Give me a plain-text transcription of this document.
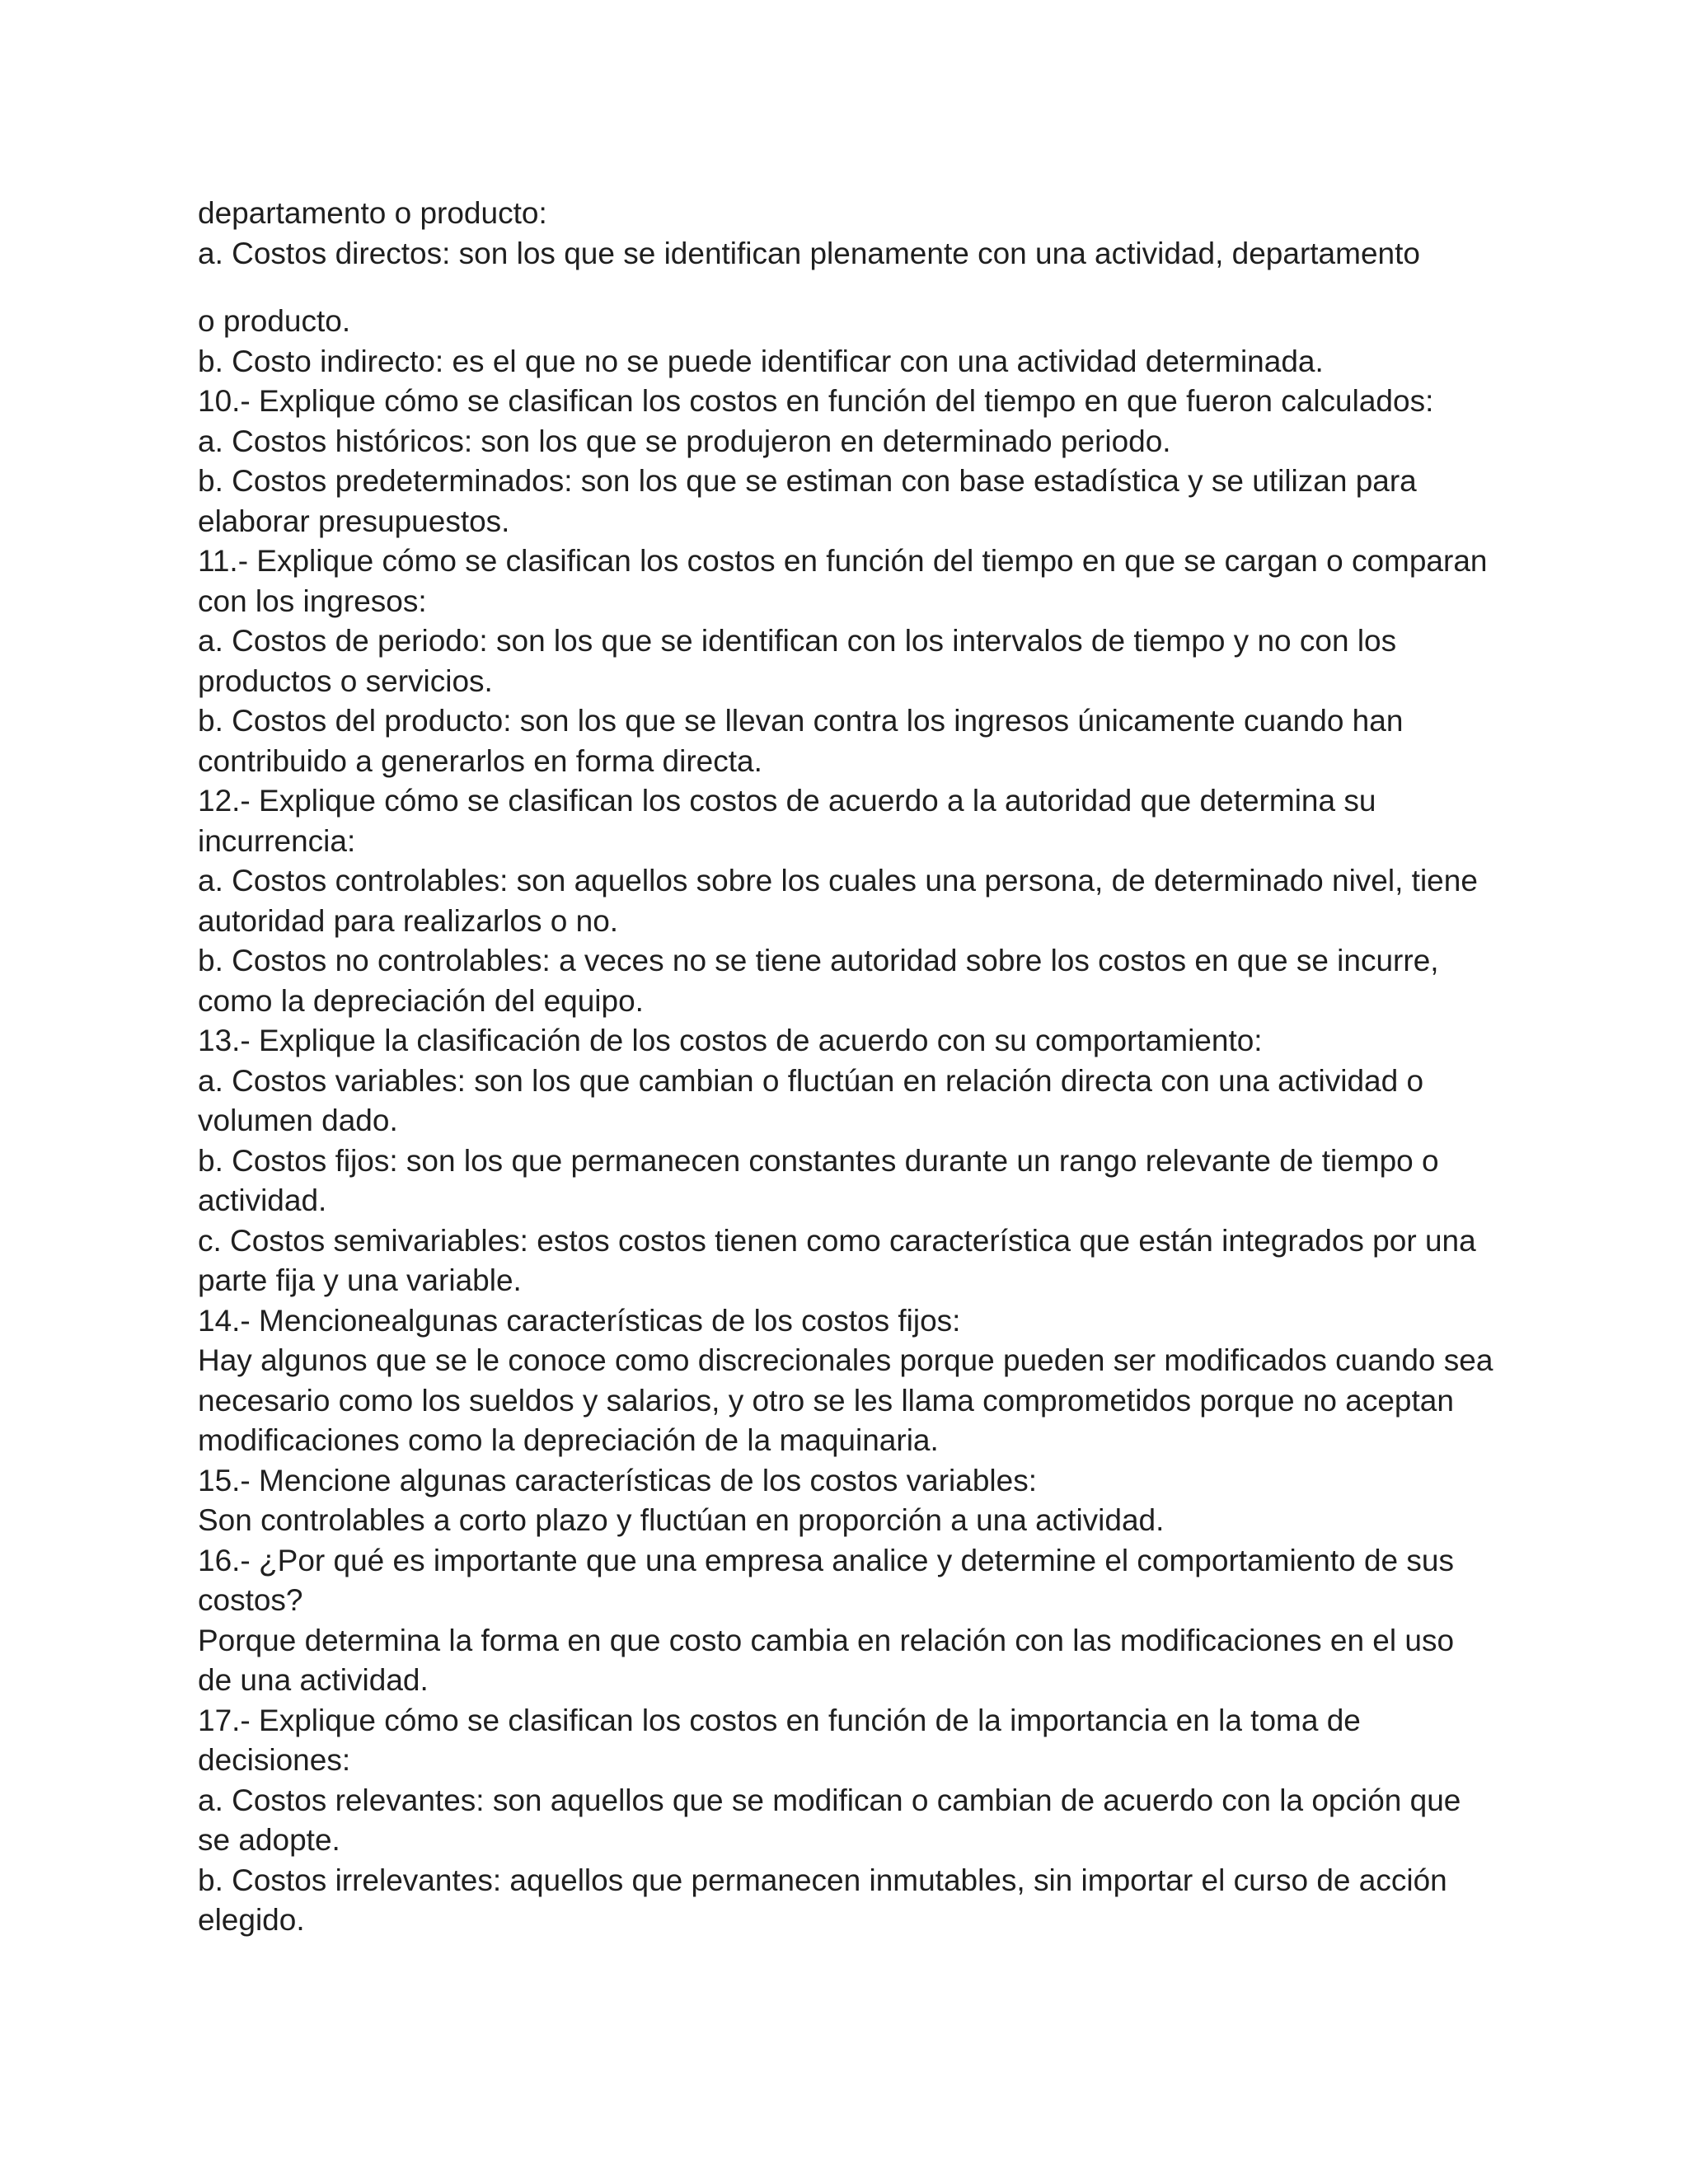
departamento o producto:
a. Costos directos: son los que se identifican plenamente con una actividad, departamento
o producto.
b. Costo indirecto: es el que no se puede identificar con una actividad determinada.
10.- Explique cómo se clasifican los costos en función del tiempo en que fueron calculados:
a. Costos históricos: son los que se produjeron en determinado periodo.
b. Costos predeterminados: son los que se estiman con base estadística y se utilizan para
elaborar presupuestos.
11.- Explique cómo se clasifican los costos en función del tiempo en que se cargan o comparan
con los ingresos:
a. Costos de periodo: son los que se identifican con los intervalos de tiempo y no con los
productos o servicios.
b. Costos del producto: son los que se llevan contra los ingresos únicamente cuando han
contribuido a generarlos en forma directa.
12.- Explique cómo se clasifican los costos de acuerdo a la autoridad que determina su
incurrencia:
a. Costos controlables: son aquellos sobre los cuales una persona, de determinado nivel, tiene
autoridad para realizarlos o no.
b. Costos no controlables: a veces no se tiene autoridad sobre los costos en que se incurre,
como la depreciación del equipo.
13.- Explique la clasificación de los costos de acuerdo con su comportamiento:
a. Costos variables: son los que cambian o fluctúan en relación directa con una actividad o
volumen dado.
b. Costos fijos: son los que permanecen constantes durante un rango relevante de tiempo o
actividad.
c. Costos semivariables: estos costos tienen como característica que están integrados por una
parte fija y una variable.
14.- Mencionealgunas características de los costos fijos:
Hay algunos que se le conoce como discrecionales porque pueden ser modificados cuando sea
necesario como los sueldos y salarios, y otro se les llama comprometidos porque no aceptan
modificaciones como la depreciación de la maquinaria.
15.- Mencione algunas características de los costos variables:
Son controlables a corto plazo y fluctúan en proporción a una actividad.
16.- ¿Por qué es importante que una empresa analice y determine el comportamiento de sus
costos?
Porque determina la forma en que costo cambia en relación con las modificaciones en el uso
de una actividad.
17.- Explique cómo se clasifican los costos en función de la importancia en la toma de
decisiones:
a. Costos relevantes: son aquellos que se modifican o cambian de acuerdo con la opción que
se adopte.
b. Costos irrelevantes: aquellos que permanecen inmutables, sin importar el curso de acción
elegido.
